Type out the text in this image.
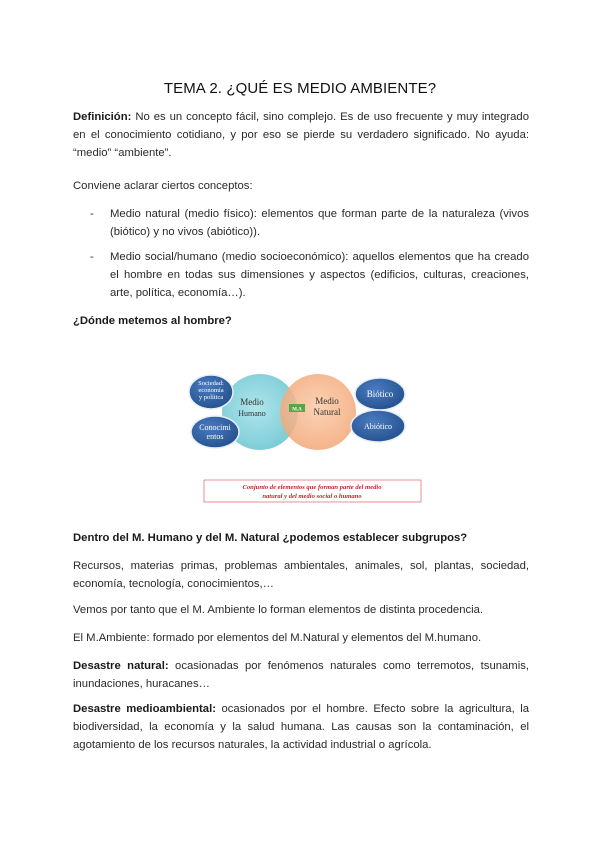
TEMA 2. ¿QUÉ ES MEDIO AMBIENTE?
Definición: No es un concepto fácil, sino complejo. Es de uso frecuente y muy integrado en el conocimiento cotidiano, y por eso se pierde su verdadero significado. No ayuda: “medio” “ambiente”.
Conviene aclarar ciertos conceptos:
- Medio natural (medio físico): elementos que forman parte de la naturaleza (vivos (biótico) y no vivos (abiótico)).
- Medio social/humano (medio socioeconómico): aquellos elementos que ha creado el hombre en todas sus dimensiones y aspectos (edificios, culturas, creaciones, arte, política, economía…).
¿Dónde metemos al hombre?
Sociedad:
economía
y política
Conocimi
entos
Biótico
Abiótico
Medio
Humano
Medio
Natural
M.A
Conjunto de elementos que forman parte del medio
natural y del medio social o humano
Dentro del M. Humano y del M. Natural ¿podemos establecer subgrupos?
Recursos, materias primas, problemas ambientales, animales, sol, plantas, sociedad, economía, tecnología, conocimientos,…
Vemos por tanto que el M. Ambiente lo forman elementos de distinta procedencia.
El M.Ambiente: formado por elementos del M.Natural y elementos del M.humano.
Desastre natural: ocasionadas por fenómenos naturales como terremotos, tsunamis, inundaciones, huracanes…
Desastre medioambiental: ocasionados por el hombre. Efecto sobre la agricultura, la biodiversidad, la economía y la salud humana. Las causas son la contaminación, el agotamiento de los recursos naturales, la actividad industrial o agrícola.
